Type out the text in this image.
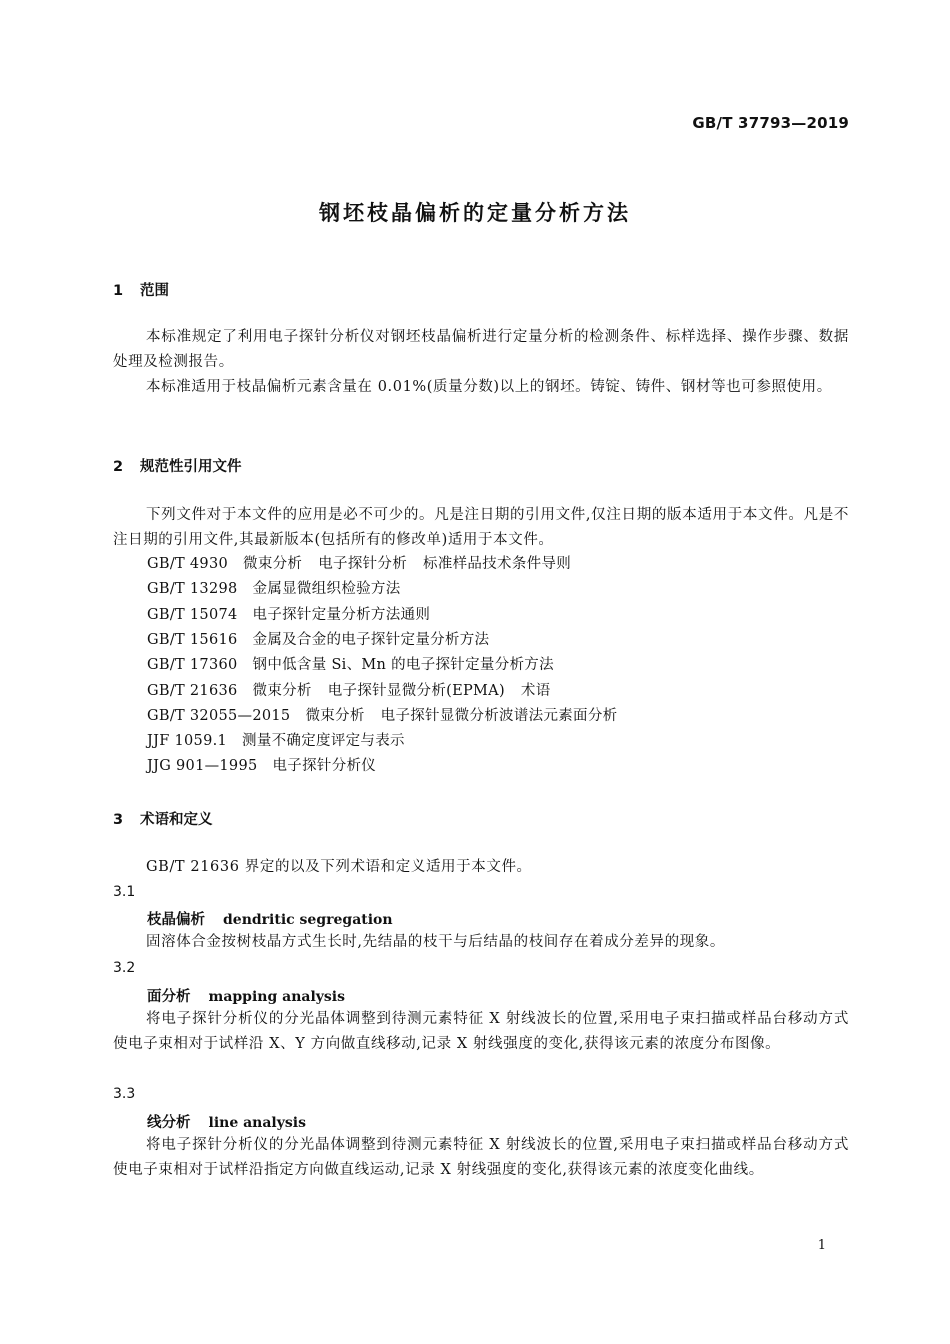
GB/T 37793—2019
钢坯枝晶偏析的定量分析方法
1 范围
本标准规定了利用电子探针分析仪对钢坯枝晶偏析进行定量分析的检测条件、标样选择、操作步骤、数据处理及检测报告。
本标准适用于枝晶偏析元素含量在 0.01%(质量分数)以上的钢坯。铸锭、铸件、钢材等也可参照使用。
2 规范性引用文件
下列文件对于本文件的应用是必不可少的。凡是注日期的引用文件,仅注日期的版本适用于本文件。凡是不注日期的引用文件,其最新版本(包括所有的修改单)适用于本文件。
GB/T 4930 微束分析 电子探针分析 标准样品技术条件导则
GB/T 13298 金属显微组织检验方法
GB/T 15074 电子探针定量分析方法通则
GB/T 15616 金属及合金的电子探针定量分析方法
GB/T 17360 钢中低含量 Si、Mn 的电子探针定量分析方法
GB/T 21636 微束分析 电子探针显微分析(EPMA) 术语
GB/T 32055—2015 微束分析 电子探针显微分析波谱法元素面分析
JJF 1059.1 测量不确定度评定与表示
JJG 901—1995 电子探针分析仪
3 术语和定义
GB/T 21636 界定的以及下列术语和定义适用于本文件。
3.1
枝晶偏析 dendritic segregation
固溶体合金按树枝晶方式生长时,先结晶的枝干与后结晶的枝间存在着成分差异的现象。
3.2
面分析 mapping analysis
将电子探针分析仪的分光晶体调整到待测元素特征 X 射线波长的位置,采用电子束扫描或样品台移动方式使电子束相对于试样沿 X、Y 方向做直线移动,记录 X 射线强度的变化,获得该元素的浓度分布图像。
3.3
线分析 line analysis
将电子探针分析仪的分光晶体调整到待测元素特征 X 射线波长的位置,采用电子束扫描或样品台移动方式使电子束相对于试样沿指定方向做直线运动,记录 X 射线强度的变化,获得该元素的浓度变化曲线。
1
